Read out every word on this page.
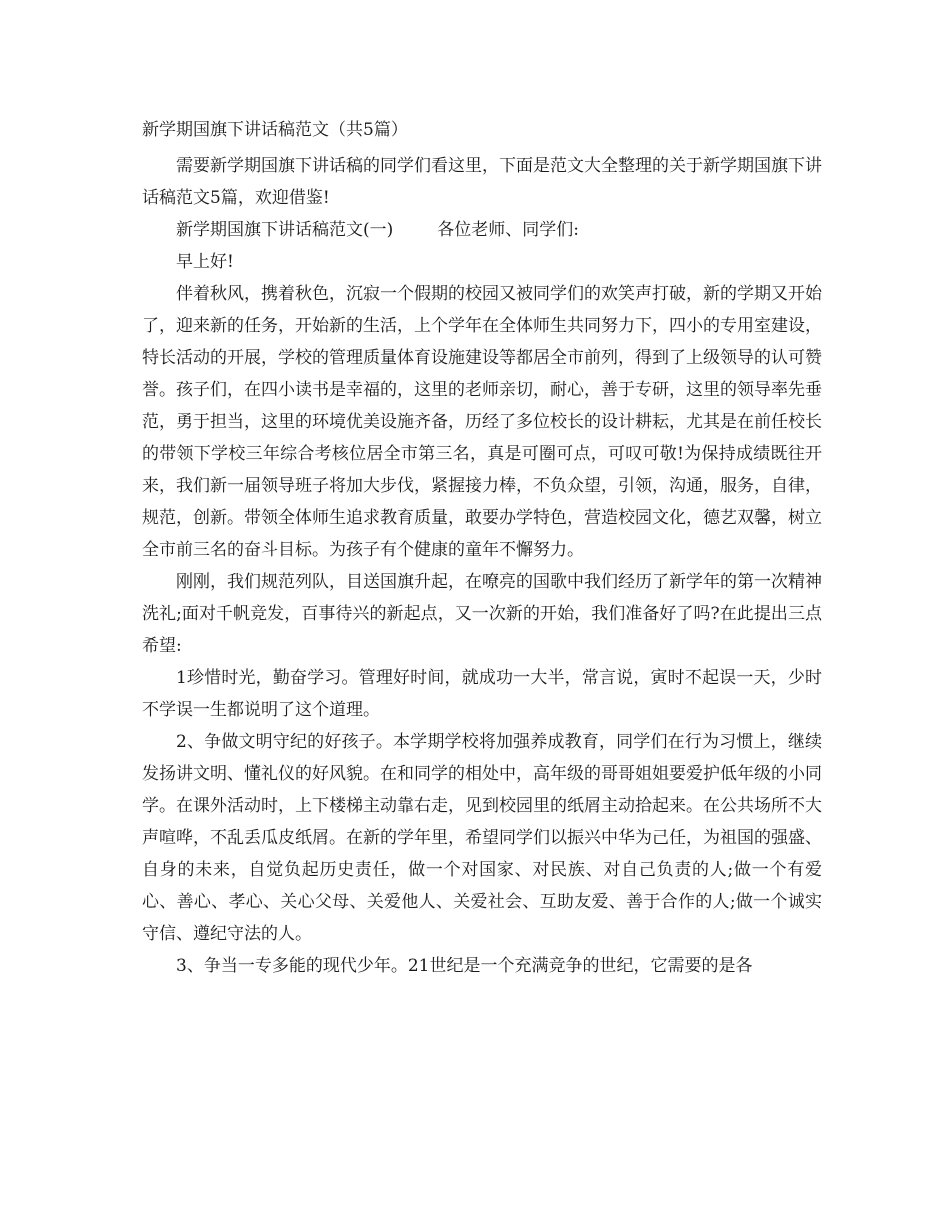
新学期国旗下讲话稿范文（共5篇）

需要新学期国旗下讲话稿的同学们看这里，下面是范文大全整理的关于新学期国旗下讲话稿范文5篇，欢迎借鉴!

新学期国旗下讲话稿范文(一)	各位老师、同学们:

早上好!

伴着秋风，携着秋色，沉寂一个假期的校园又被同学们的欢笑声打破，新的学期又开始了，迎来新的任务，开始新的生活，上个学年在全体师生共同努力下，四小的专用室建设，特长活动的开展，学校的管理质量体育设施建设等都居全市前列，得到了上级领导的认可赞誉。孩子们，在四小读书是幸福的，这里的老师亲切，耐心，善于专研，这里的领导率先垂范，勇于担当，这里的环境优美设施齐备，历经了多位校长的设计耕耘，尤其是在前任校长的带领下学校三年综合考核位居全市第三名，真是可圈可点，可叹可敬!为保持成绩既往开来，我们新一届领导班子将加大步伐，紧握接力棒，不负众望，引领，沟通，服务，自律，规范，创新。带领全体师生追求教育质量，敢要办学特色，营造校园文化，德艺双馨，树立全市前三名的奋斗目标。为孩子有个健康的童年不懈努力。

刚刚，我们规范列队，目送国旗升起，在嘹亮的国歌中我们经历了新学年的第一次精神洗礼;面对千帆竞发，百事待兴的新起点，又一次新的开始，我们准备好了吗?在此提出三点希望:

1珍惜时光，勤奋学习。管理好时间，就成功一大半，常言说，寅时不起误一天，少时不学误一生都说明了这个道理。

2、争做文明守纪的好孩子。本学期学校将加强养成教育，同学们在行为习惯上，继续发扬讲文明、懂礼仪的好风貌。在和同学的相处中，高年级的哥哥姐姐要爱护低年级的小同学。在课外活动时，上下楼梯主动靠右走，见到校园里的纸屑主动拾起来。在公共场所不大声喧哗，不乱丢瓜皮纸屑。在新的学年里，希望同学们以振兴中华为己任，为祖国的强盛、自身的未来，自觉负起历史责任，做一个对国家、对民族、对自己负责的人;做一个有爱心、善心、孝心、关心父母、关爱他人、关爱社会、互助友爱、善于合作的人;做一个诚实守信、遵纪守法的人。

3、争当一专多能的现代少年。21世纪是一个充满竞争的世纪，它需要的是各
